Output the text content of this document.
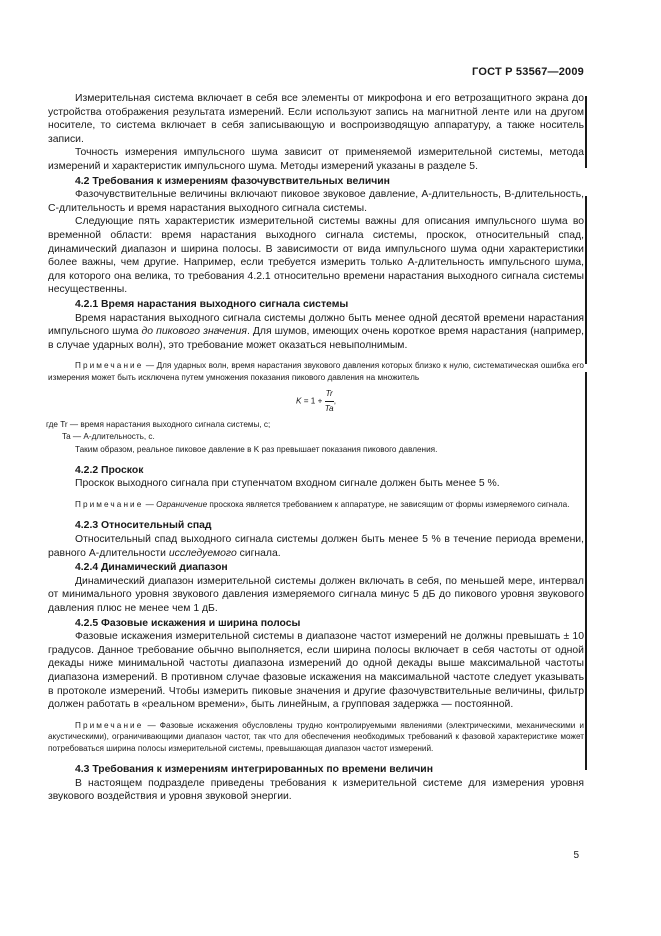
ГОСТ Р 53567—2009

Измерительная система включает в себя все элементы от микрофона и его ветрозащитного экрана до устройства отображения результата измерений. Если используют запись на магнитной ленте или на другом носителе, то система включает в себя записывающую и воспроизводящую аппаратуру, а также носитель записи.

Точность измерения импульсного шума зависит от применяемой измерительной системы, метода измерений и характеристик импульсного шума. Методы измерений указаны в разделе 5.

4.2 Требования к измерениям фазочувствительных величин

Фазочувствительные величины включают пиковое звуковое давление, А-длительность, В-длительность, С-длительность и время нарастания выходного сигнала системы.

Следующие пять характеристик измерительной системы важны для описания импульсного шума во временной области: время нарастания выходного сигнала системы, проскок, относительный спад, динамический диапазон и ширина полосы. В зависимости от вида импульсного шума одни характеристики более важны, чем другие. Например, если требуется измерить только А-длительность импульсного шума, для которого она велика, то требования 4.2.1 относительно времени нарастания выходного сигнала системы несущественны.

4.2.1 Время нарастания выходного сигнала системы

Время нарастания выходного сигнала системы должно быть менее одной десятой времени нарастания импульсного шума до пикового значения. Для шумов, имеющих очень короткое время нарастания (например, в случае ударных волн), это требование может оказаться невыполнимым.

Примечание — Для ударных волн, время нарастания звукового давления которых близко к нулю, систематическая ошибка его измерения может быть исключена путем умножения показания пикового давления на множитель

$K = 1 + \frac{Tr}{Ta}$ ,

где Tr — время нарастания выходного сигнала системы, с;

Ta — А-длительность, с.

Таким образом, реальное пиковое давление в K раз превышает показания пикового давления.

4.2.2 Проскок

Проскок выходного сигнала при ступенчатом входном сигнале должен быть менее 5 %.

Примечание — Ограничение проскока является требованием к аппаратуре, не зависящим от формы измеряемого сигнала.

4.2.3 Относительный спад

Относительный спад выходного сигнала системы должен быть менее 5 % в течение периода времени, равного А-длительности исследуемого сигнала.

4.2.4 Динамический диапазон

Динамический диапазон измерительной системы должен включать в себя, по меньшей мере, интервал от минимального уровня звукового давления измеряемого сигнала минус 5 дБ до пикового уровня звукового давления плюс не менее чем 1 дБ.

4.2.5 Фазовые искажения и ширина полосы

Фазовые искажения измерительной системы в диапазоне частот измерений не должны превышать ± 10 градусов. Данное требование обычно выполняется, если ширина полосы включает в себя частоты от одной декады ниже минимальной частоты диапазона измерений до одной декады выше максимальной частоты диапазона измерений. В противном случае фазовые искажения на максимальной частоте следует указывать в протоколе измерений. Чтобы измерить пиковые значения и другие фазочувствительные величины, фильтр должен работать в «реальном времени», быть линейным, а групповая задержка — постоянной.

Примечание — Фазовые искажения обусловлены трудно контролируемыми явлениями (электрическими, механическими и акустическими), ограничивающими диапазон частот, так что для обеспечения необходимых требований к фазовой характеристике может потребоваться ширина полосы измерительной системы, превышающая диапазон частот измерений.

4.3 Требования к измерениям интегрированных по времени величин

В настоящем подразделе приведены требования к измерительной системе для измерения уровня звукового воздействия и уровня звуковой энергии.

5
